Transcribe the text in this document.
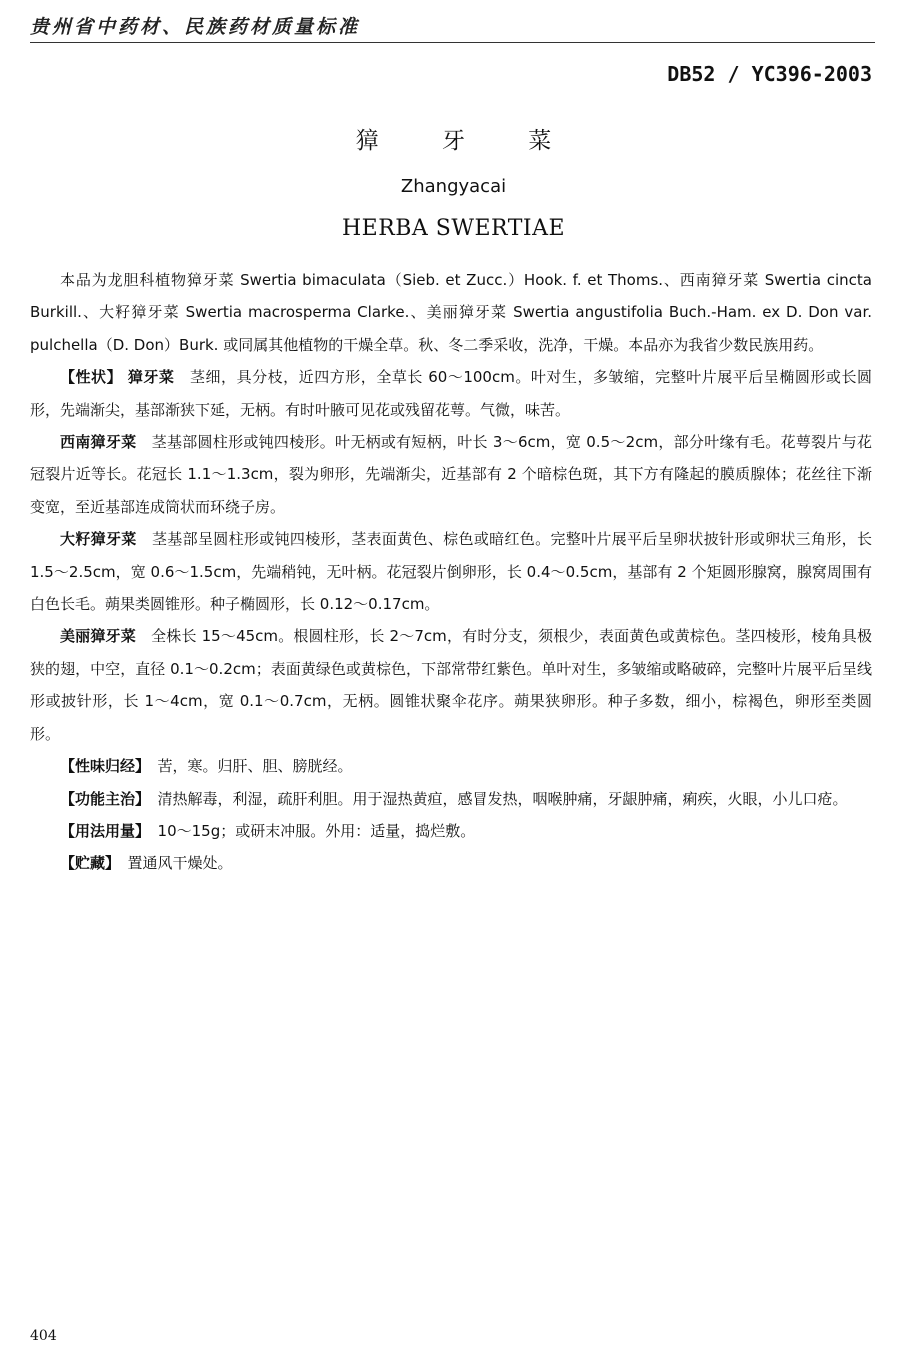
贵州省中药材、民族药材质量标准
DB52 / YC396-2003
獐 牙 菜
Zhangyacai
HERBA SWERTIAE

本品为龙胆科植物獐牙菜 Swertia bimaculata（Sieb. et Zucc.）Hook. f. et Thoms.、西南獐牙菜 Swertia cincta Burkill.、大籽獐牙菜 Swertia macrosperma Clarke.、美丽獐牙菜 Swertia angustifolia Buch.-Ham. ex D. Don var. pulchella（D. Don）Burk. 或同属其他植物的干燥全草。秋、冬二季采收，洗净，干燥。本品亦为我省少数民族用药。

【性状】 獐牙菜　 茎细，具分枝，近四方形，全草长 60～100cm。叶对生，多皱缩，完整叶片展平后呈椭圆形或长圆形，先端渐尖，基部渐狭下延，无柄。有时叶腋可见花或残留花萼。气微，味苦。

西南獐牙菜　 茎基部圆柱形或钝四棱形。叶无柄或有短柄，叶长 3～6cm，宽 0.5～2cm，部分叶缘有毛。花萼裂片与花冠裂片近等长。花冠长 1.1～1.3cm，裂为卵形，先端渐尖，近基部有 2 个暗棕色斑，其下方有隆起的膜质腺体；花丝往下渐变宽，至近基部连成筒状而环绕子房。

大籽獐牙菜　 茎基部呈圆柱形或钝四棱形，茎表面黄色、棕色或暗红色。完整叶片展平后呈卵状披针形或卵状三角形，长 1.5～2.5cm，宽 0.6～1.5cm，先端稍钝，无叶柄。花冠裂片倒卵形，长 0.4～0.5cm，基部有 2 个矩圆形腺窝，腺窝周围有白色长毛。蒴果类圆锥形。种子椭圆形，长 0.12～0.17cm。

美丽獐牙菜　 全株长 15～45cm。根圆柱形，长 2～7cm，有时分支，须根少，表面黄色或黄棕色。茎四棱形，棱角具极狭的翅，中空，直径 0.1～0.2cm；表面黄绿色或黄棕色，下部常带红紫色。单叶对生，多皱缩或略破碎，完整叶片展平后呈线形或披针形，长 1～4cm，宽 0.1～0.7cm，无柄。圆锥状聚伞花序。蒴果狭卵形。种子多数，细小，棕褐色，卵形至类圆形。

【性味归经】　 苦，寒。归肝、胆、膀胱经。

【功能主治】　 清热解毒，利湿，疏肝利胆。用于湿热黄疸，感冒发热，咽喉肿痛，牙龈肿痛，痢疾，火眼，小儿口疮。

【用法用量】　 10～15g；或研末冲服。外用：适量，捣烂敷。

【贮藏】　 置通风干燥处。

404
